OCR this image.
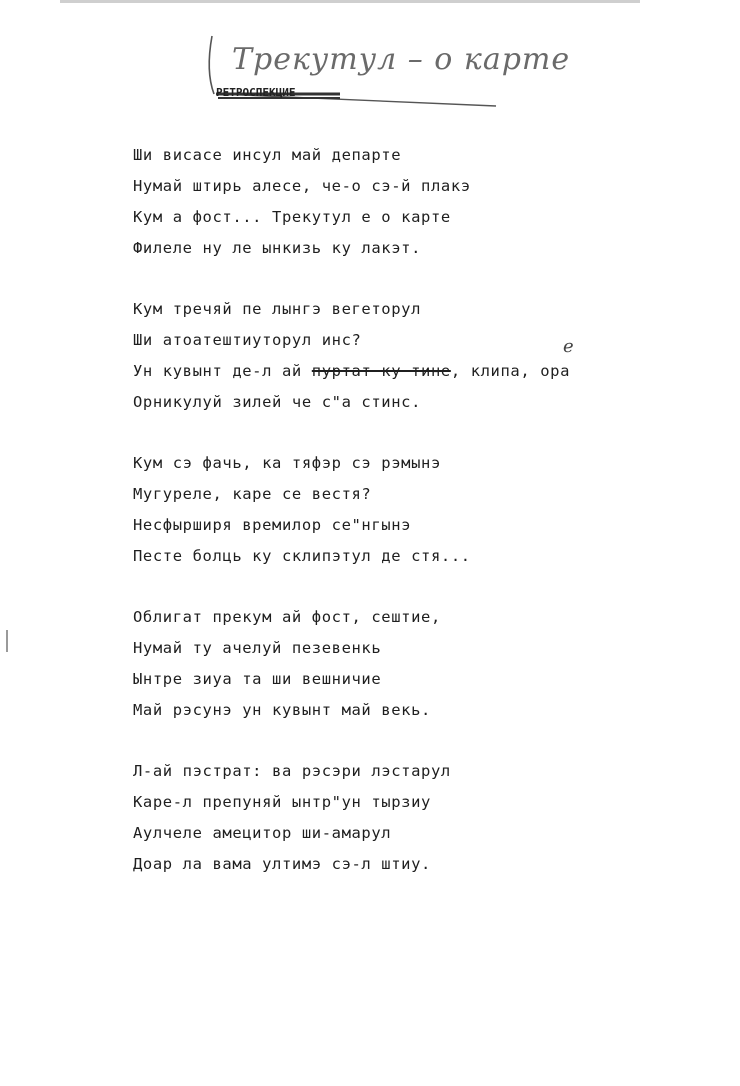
Трекутул – о карте
РЕТРОСПЕКЦИЕ
Ши висасе инсул май департе
Нумай штирь алесе, че-о сэ-й плакэ
Кум а фост... Трекутул е о карте
Филеле ну ле ынкизь ку лакэт.
Кум тречяй пе лынгэ вегеторул
Ши атоатештиуторул инс?
Ун кувынт де-л ай пуртат ку тине, клипа, ора
Орникулуй зилей че с"а стинс.
Кум сэ фачь, ка тяфэр сэ рэмынэ
Мугуреле, каре се вестя?
Несфырширя времилор се"нгынэ
Песте болць ку склипэтул де стя...
Облигат прекум ай фост, сештие,
Нумай ту ачелуй пезевенкь
Ынтре зиуа та ши вешничие
Май рэсунэ ун кувынт май векь.
Л-ай пэстрат: ва рэсэри лэстарул
Каре-л препуняй ынтр"ун тырзиу
Аулчеле амецитор ши-амарул
Доар ла вама ултимэ сэ-л штиу.
е
